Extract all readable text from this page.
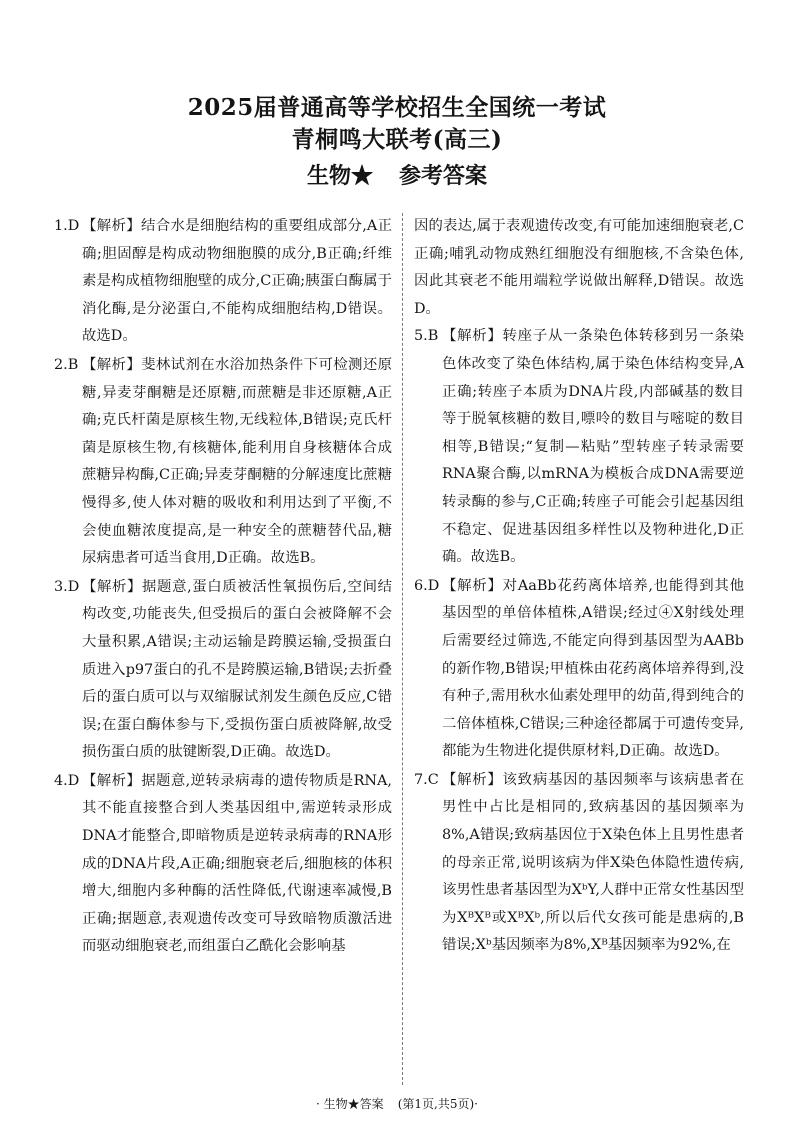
2025届普通高等学校招生全国统一考试
青桐鸣大联考(高三)
生物★ 参考答案
1.D 【解析】结合水是细胞结构的重要组成部分,A正确;胆固醇是构成动物细胞膜的成分,B正确;纤维素是构成植物细胞壁的成分,C正确;胰蛋白酶属于消化酶,是分泌蛋白,不能构成细胞结构,D错误。故选D。

2.B 【解析】斐林试剂在水浴加热条件下可检测还原糖,异麦芽酮糖是还原糖,而蔗糖是非还原糖,A正确;克氏杆菌是原核生物,无线粒体,B错误;克氏杆菌是原核生物,有核糖体,能利用自身核糖体合成蔗糖异构酶,C正确;异麦芽酮糖的分解速度比蔗糖慢得多,使人体对糖的吸收和利用达到了平衡,不会使血糖浓度提高,是一种安全的蔗糖替代品,糖尿病患者可适当食用,D正确。故选B。

3.D 【解析】据题意,蛋白质被活性氧损伤后,空间结构改变,功能丧失,但受损后的蛋白会被降解不会大量积累,A错误;主动运输是跨膜运输,受损蛋白质进入p97蛋白的孔不是跨膜运输,B错误;去折叠后的蛋白质可以与双缩脲试剂发生颜色反应,C错误;在蛋白酶体参与下,受损伤蛋白质被降解,故受损伤蛋白质的肽键断裂,D正确。故选D。

4.D 【解析】据题意,逆转录病毒的遗传物质是RNA,其不能直接整合到人类基因组中,需逆转录形成DNA才能整合,即暗物质是逆转录病毒的RNA形成的DNA片段,A正确;细胞衰老后,细胞核的体积增大,细胞内多种酶的活性降低,代谢速率减慢,B正确;据题意,表观遗传改变可导致暗物质激活进而驱动细胞衰老,而组蛋白乙酰化会影响基

因的表达,属于表观遗传改变,有可能加速细胞衰老,C正确;哺乳动物成熟红细胞没有细胞核,不含染色体,因此其衰老不能用端粒学说做出解释,D错误。故选D。

5.B 【解析】转座子从一条染色体转移到另一条染色体改变了染色体结构,属于染色体结构变异,A正确;转座子本质为DNA片段,内部碱基的数目等于脱氧核糖的数目,嘌呤的数目与嘧啶的数目相等,B错误;“复制—粘贴”型转座子转录需要RNA聚合酶,以mRNA为模板合成DNA需要逆转录酶的参与,C正确;转座子可能会引起基因组不稳定、促进基因组多样性以及物种进化,D正确。故选B。

6.D 【解析】对AaBb花药离体培养,也能得到其他基因型的单倍体植株,A错误;经过④X射线处理后需要经过筛选,不能定向得到基因型为AABb的新作物,B错误;甲植株由花药离体培养得到,没有种子,需用秋水仙素处理甲的幼苗,得到纯合的二倍体植株,C错误;三种途径都属于可遗传变异,都能为生物进化提供原材料,D正确。故选D。

7.C 【解析】该致病基因的基因频率与该病患者在男性中占比是相同的,致病基因的基因频率为8%,A错误;致病基因位于X染色体上且男性患者的母亲正常,说明该病为伴X染色体隐性遗传病,该男性患者基因型为XᵇY,人群中正常女性基因型为XᴮXᴮ或XᴮXᵇ,所以后代女孩可能是患病的,B错误;Xᵇ基因频率为8%,Xᴮ基因频率为92%,在

· 生物★答案 (第1页,共5页)·
